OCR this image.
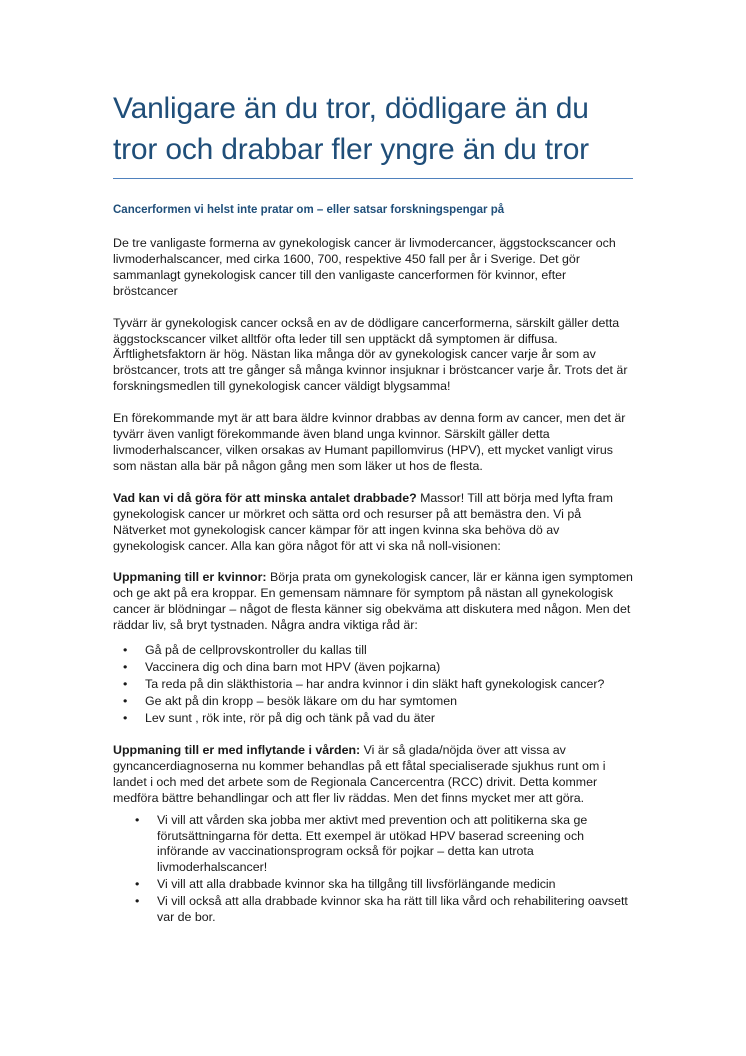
Vanligare än du tror, dödligare än du tror och drabbar fler yngre än du tror
Cancerformen vi helst inte pratar om – eller satsar forskningspengar på

De tre vanligaste formerna av gynekologisk cancer är livmodercancer, äggstockscancer och livmoderhalscancer, med cirka 1600, 700, respektive 450 fall per år i Sverige. Det gör sammanlagt gynekologisk cancer till den vanligaste cancerformen för kvinnor, efter bröstcancer

Tyvärr är gynekologisk cancer också en av de dödligare cancerformerna, särskilt gäller detta äggstockscancer vilket alltför ofta leder till sen upptäckt då symptomen är diffusa. Ärftlighetsfaktorn är hög. Nästan lika många dör av gynekologisk cancer varje år som av bröstcancer, trots att tre gånger så många kvinnor insjuknar i bröstcancer varje år. Trots det är forskningsmedlen till gynekologisk cancer väldigt blygsamma!

En förekommande myt är att bara äldre kvinnor drabbas av denna form av cancer, men det är tyvärr även vanligt förekommande även bland unga kvinnor. Särskilt gäller detta livmoderhalscancer, vilken orsakas av Humant papillomvirus (HPV), ett mycket vanligt virus som nästan alla bär på någon gång men som läker ut hos de flesta.

Vad kan vi då göra för att minska antalet drabbade? Massor! Till att börja med lyfta fram gynekologisk cancer ur mörkret och sätta ord och resurser på att bemästra den. Vi på Nätverket mot gynekologisk cancer kämpar för att ingen kvinna ska behöva dö av gynekologisk cancer. Alla kan göra något för att vi ska nå noll-visionen:

Uppmaning till er kvinnor: Börja prata om gynekologisk cancer, lär er känna igen symptomen och ge akt på era kroppar. En gemensam nämnare för symptom på nästan all gynekologisk cancer är blödningar – något de flesta känner sig obekväma att diskutera med någon. Men det räddar liv, så bryt tystnaden. Några andra viktiga råd är:

• Gå på de cellprovskontroller du kallas till
• Vaccinera dig och dina barn mot HPV (även pojkarna)
• Ta reda på din släkthistoria – har andra kvinnor i din släkt haft gynekologisk cancer?
• Ge akt på din kropp – besök läkare om du har symtomen
• Lev sunt , rök inte, rör på dig och tänk på vad du äter

Uppmaning till er med inflytande i vården: Vi är så glada/nöjda över att vissa av gyncancerdiagnoserna nu kommer behandlas på ett fåtal specialiserade sjukhus runt om i landet i och med det arbete som de Regionala Cancercentra (RCC) drivit. Detta kommer medföra bättre behandlingar och att fler liv räddas. Men det finns mycket mer att göra.

• Vi vill att vården ska jobba mer aktivt med prevention och att politikerna ska ge förutsättningarna för detta. Ett exempel är utökad HPV baserad screening och införande av vaccinationsprogram också för pojkar – detta kan utrota livmoderhalscancer!
• Vi vill att alla drabbade kvinnor ska ha tillgång till livsförlängande medicin
• Vi vill också att alla drabbade kvinnor ska ha rätt till lika vård och rehabilitering oavsett var de bor.
